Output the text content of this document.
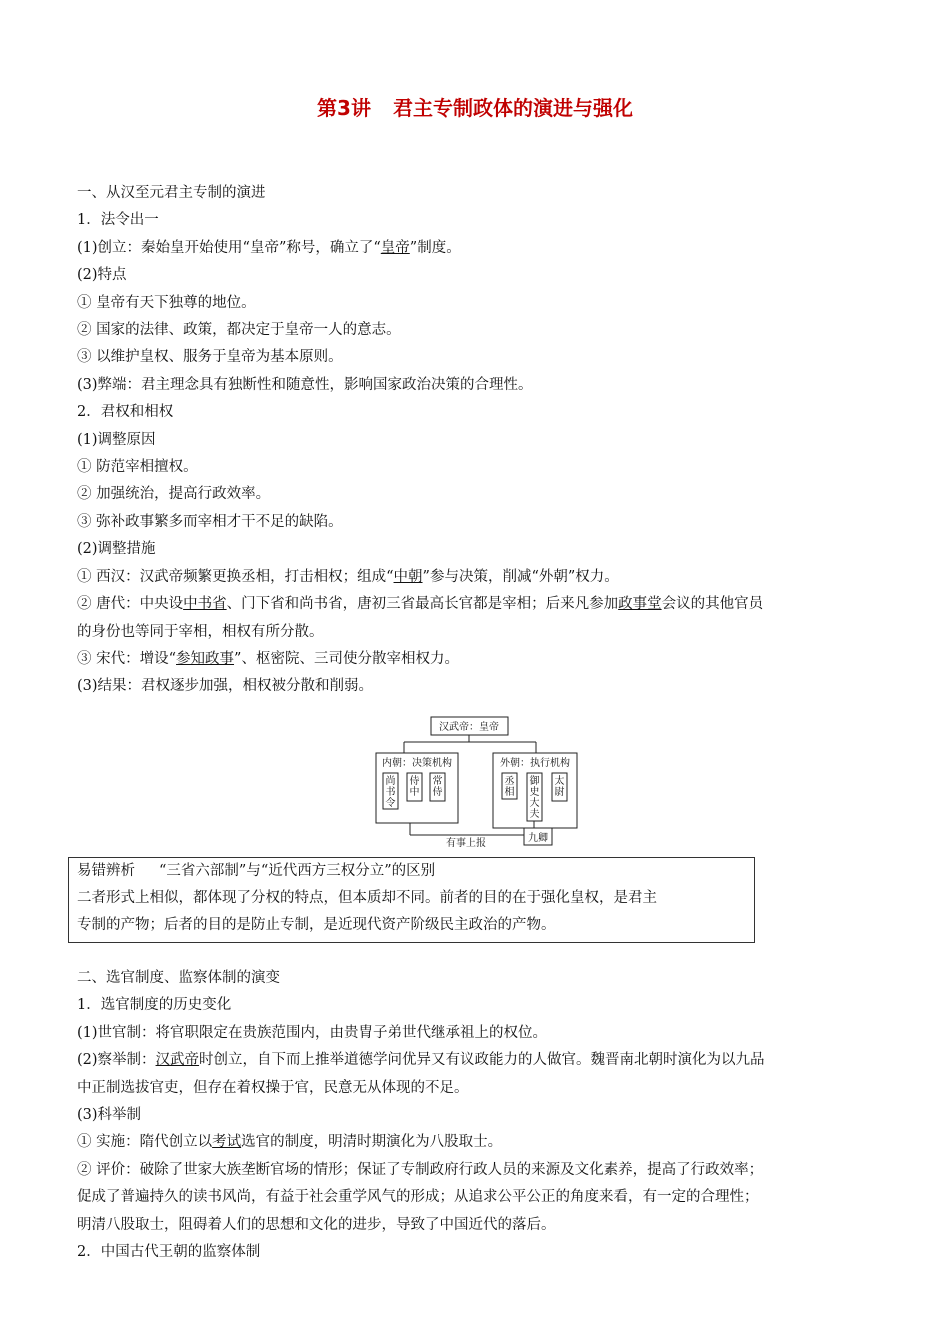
第3讲 君主专制政体的演进与强化
一、从汉至元君主专制的演进
1．法令出一
(1)创立：秦始皇开始使用“皇帝”称号，确立了“皇帝”制度。
(2)特点
① 皇帝有天下独尊的地位。
② 国家的法律、政策，都决定于皇帝一人的意志。
③ 以维护皇权、服务于皇帝为基本原则。
(3)弊端：君主理念具有独断性和随意性，影响国家政治决策的合理性。
2．君权和相权
(1)调整原因
① 防范宰相擅权。
② 加强统治，提高行政效率。
③ 弥补政事繁多而宰相才干不足的缺陷。
(2)调整措施
① 西汉：汉武帝频繁更换丞相，打击相权；组成“中朝”参与决策，削减“外朝”权力。
② 唐代：中央设中书省、门下省和尚书省，唐初三省最高长官都是宰相；后来凡参加政事堂会议的其他官员
的身份也等同于宰相，相权有所分散。
③ 宋代：增设“参知政事”、枢密院、三司使分散宰相权力。
(3)结果：君权逐步加强，相权被分散和削弱。
汉武帝：皇帝
内朝：决策机构	外朝：执行机构
尚书令
侍中
常侍
丞相
御史大夫
太尉
有事上报	九卿
易错辨析 “三省六部制”与“近代西方三权分立”的区别
二者形式上相似，都体现了分权的特点，但本质却不同。前者的目的在于强化皇权，是君主
专制的产物；后者的目的是防止专制，是近现代资产阶级民主政治的产物。
二、选官制度、监察体制的演变
1．选官制度的历史变化
(1)世官制：将官职限定在贵族范围内，由贵胄子弟世代继承祖上的权位。
(2)察举制：汉武帝时创立，自下而上推举道德学问优异又有议政能力的人做官。魏晋南北朝时演化为以九品
中正制选拔官吏，但存在着权操于官，民意无从体现的不足。
(3)科举制
① 实施：隋代创立以考试选官的制度，明清时期演化为八股取士。
② 评价：破除了世家大族垄断官场的情形；保证了专制政府行政人员的来源及文化素养，提高了行政效率；
促成了普遍持久的读书风尚，有益于社会重学风气的形成；从追求公平公正的角度来看，有一定的合理性；
明清八股取士，阻碍着人们的思想和文化的进步，导致了中国近代的落后。
2．中国古代王朝的监察体制
